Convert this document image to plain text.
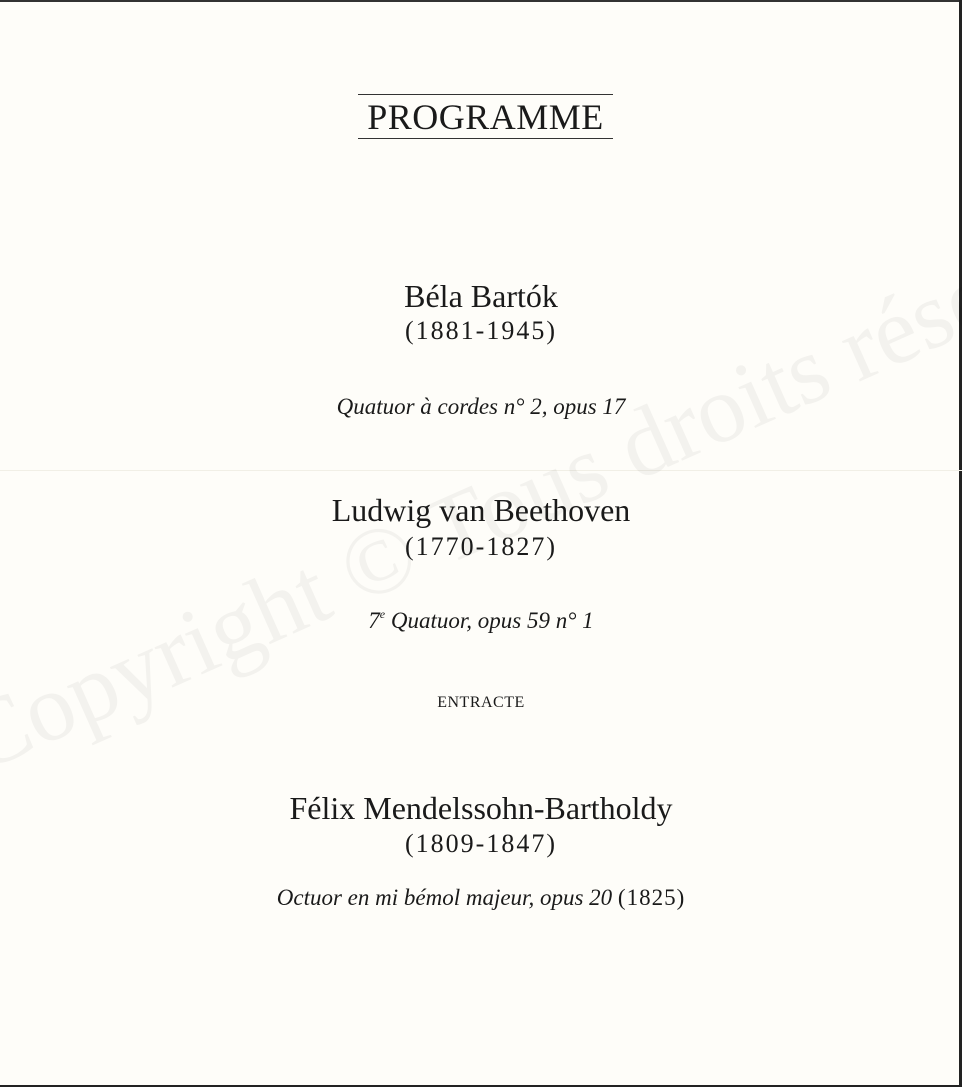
PROGRAMME
Béla Bartók
(1881-1945)
Quatuor à cordes n° 2, opus 17
Ludwig van Beethoven
(1770-1827)
7e Quatuor, opus 59 n° 1
ENTRACTE
Félix Mendelssohn-Bartholdy
(1809-1847)
Octuor en mi bémol majeur, opus 20 (1825)
